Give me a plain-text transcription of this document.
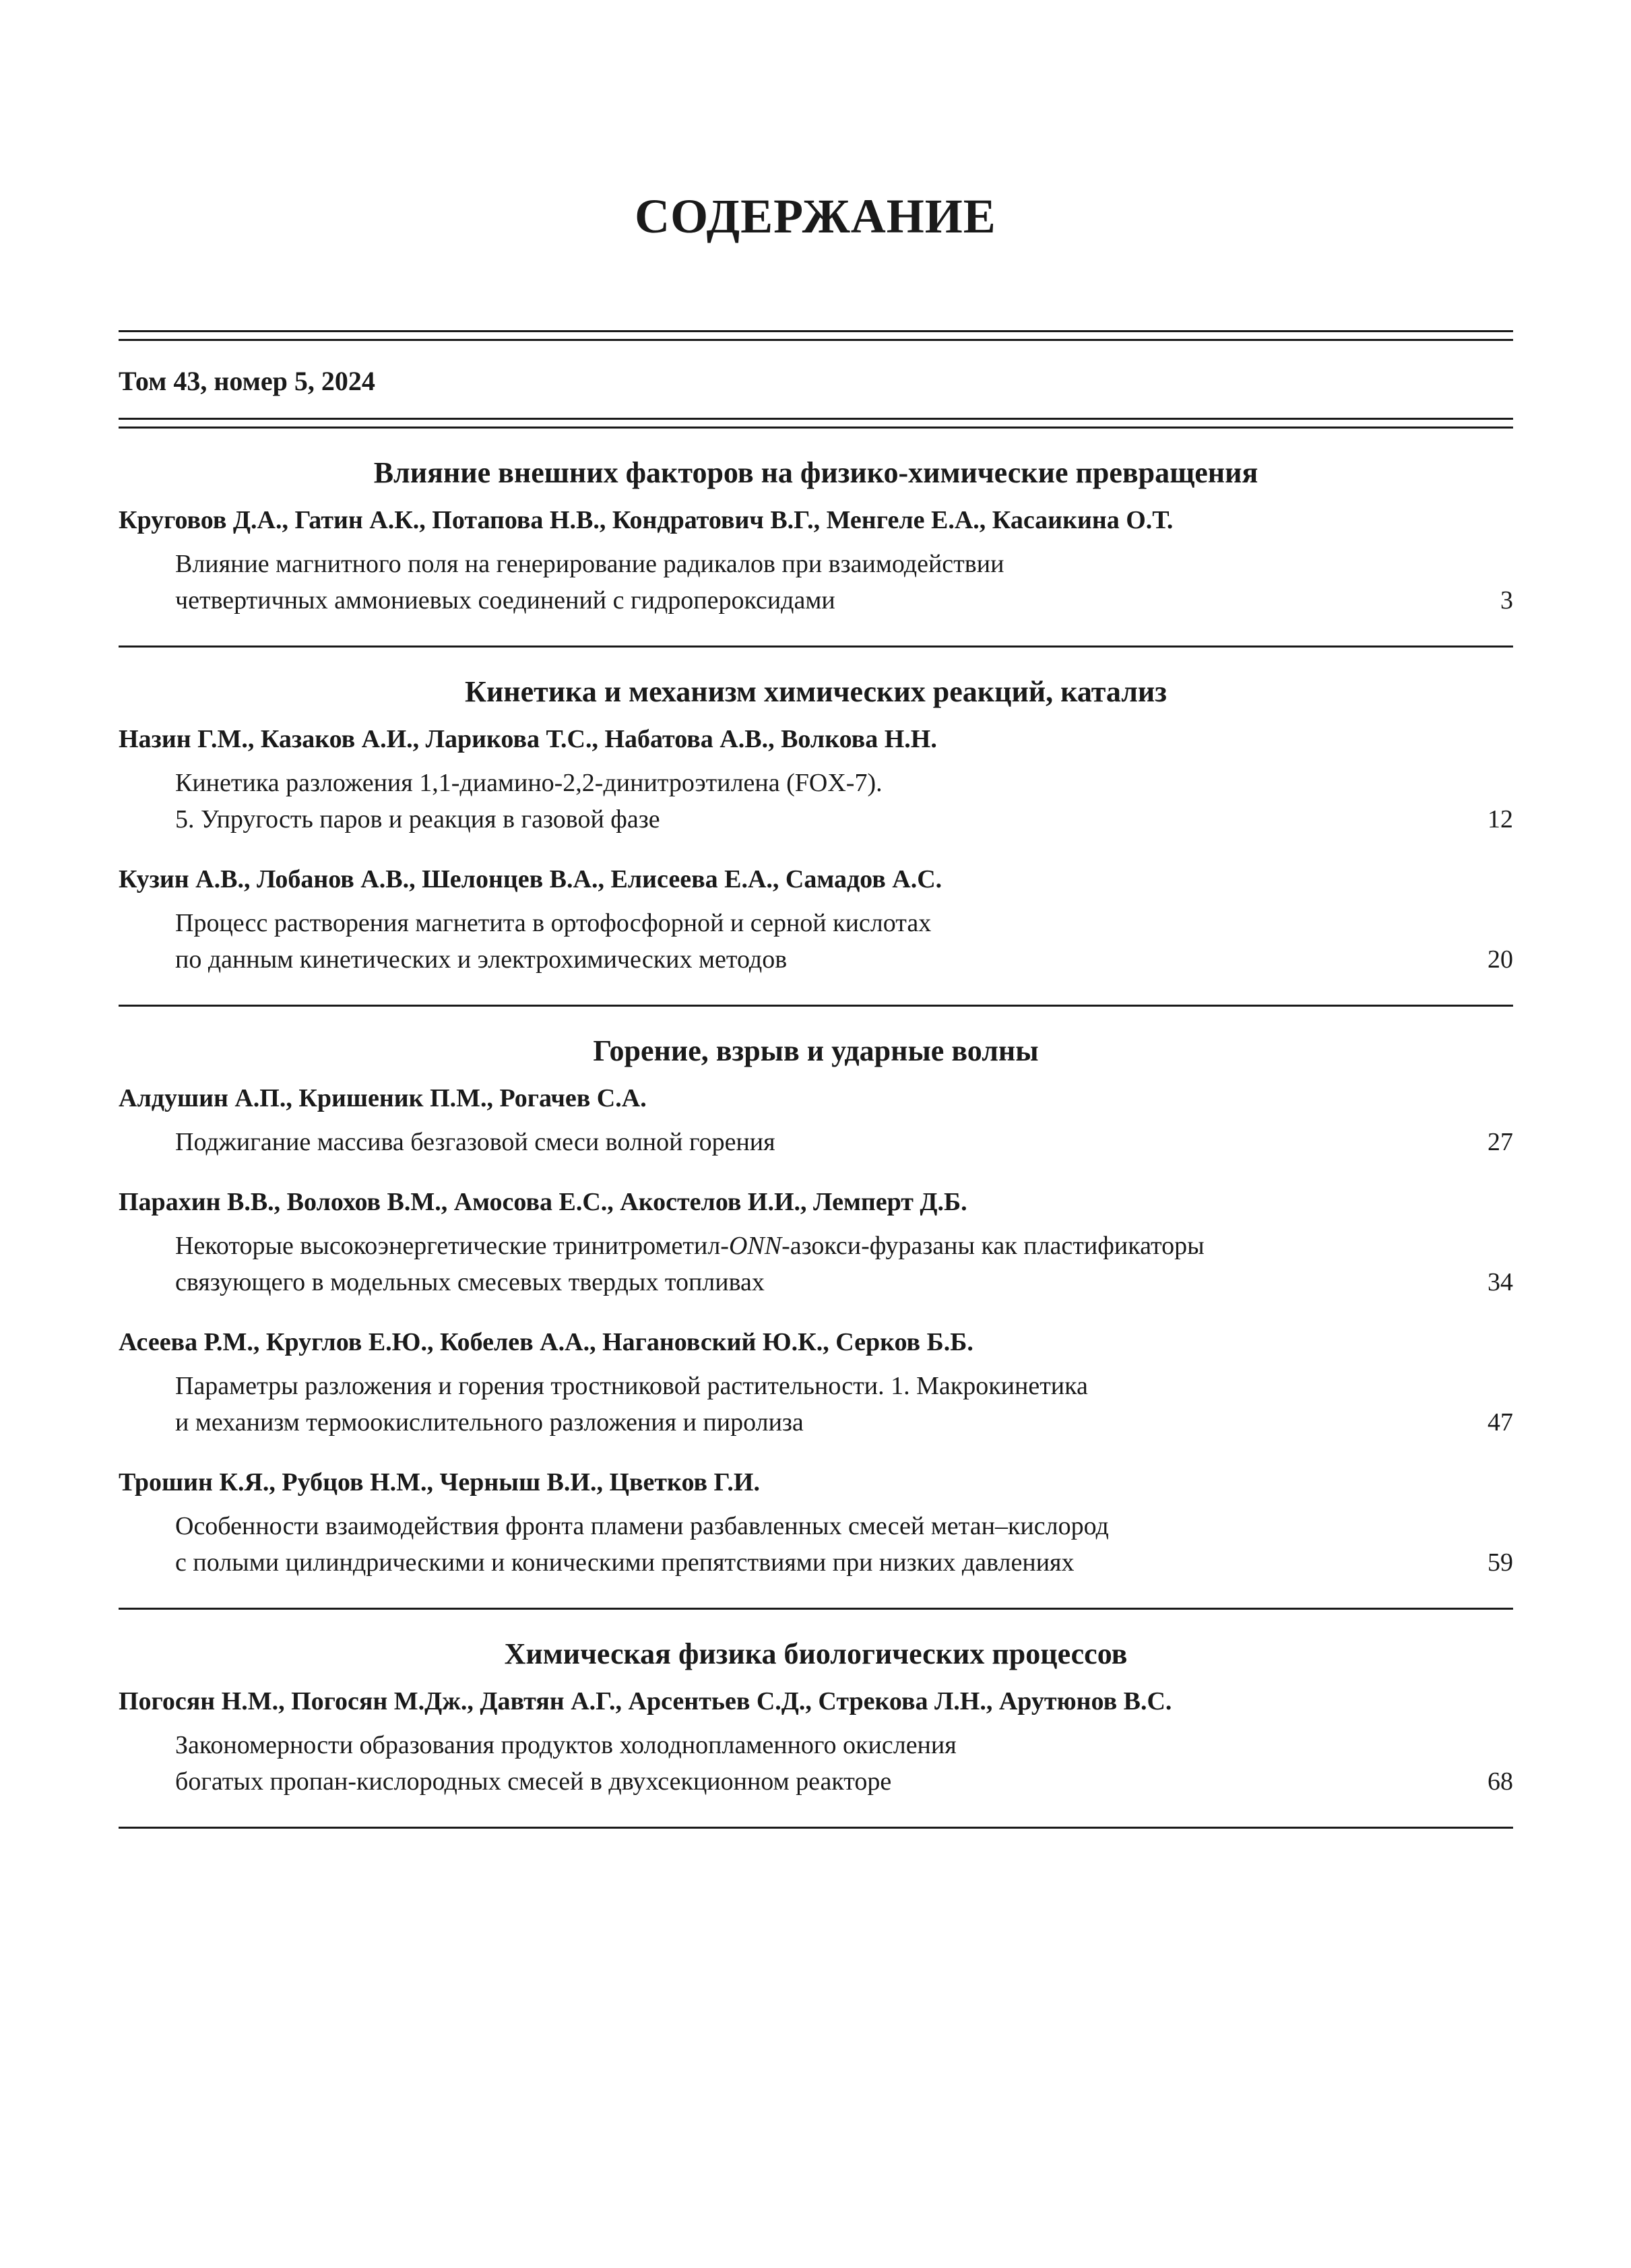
СОДЕРЖАНИЕ
Том 43, номер 5, 2024
Влияние внешних факторов на физико-химические превращения
Круговов Д.А., Гатин А.К., Потапова Н.В., Кондратович В.Г., Менгеле Е.А., Касаикина О.Т.
Влияние магнитного поля на генерирование радикалов при взаимодействии
четвертичных аммониевых соединений с гидропероксидами	3
Кинетика и механизм химических реакций, катализ
Назин Г.М., Казаков А.И., Ларикова Т.С., Набатова А.В., Волкова Н.Н.
Кинетика разложения 1,1-диамино-2,2-динитроэтилена (FOX-7).
5. Упругость паров и реакция в газовой фазе	12
Кузин А.В., Лобанов А.В., Шелонцев В.А., Елисеева Е.А., Самадов А.С.
Процесс растворения магнетита в ортофосфорной и серной кислотах
по данным кинетических и электрохимических методов	20
Горение, взрыв и ударные волны
Алдушин А.П., Кришеник П.М., Рогачев С.А.
Поджигание массива безгазовой смеси волной горения	27
Парахин В.В., Волохов В.М., Амосова Е.С., Акостелов И.И., Лемперт Д.Б.
Некоторые высокоэнергетические тринитрометил-ONN-азокси-фуразаны как пластификаторы
связующего в модельных смесевых твердых топливах	34
Асеева Р.М., Круглов Е.Ю., Кобелев А.А., Нагановский Ю.К., Серков Б.Б.
Параметры разложения и горения тростниковой растительности. 1. Макрокинетика
и механизм термоокислительного разложения и пиролиза	47
Трошин К.Я., Рубцов Н.М., Черныш В.И., Цветков Г.И.
Особенности взаимодействия фронта пламени разбавленных смесей метан–кислород
с полыми цилиндрическими и коническими препятствиями при низких давлениях	59
Химическая физика биологических процессов
Погосян Н.М., Погосян М.Дж., Давтян А.Г., Арсентьев С.Д., Стрекова Л.Н., Арутюнов В.С.
Закономерности образования продуктов холоднопламенного окисления
богатых пропан-кислородных смесей в двухсекционном реакторе	68
